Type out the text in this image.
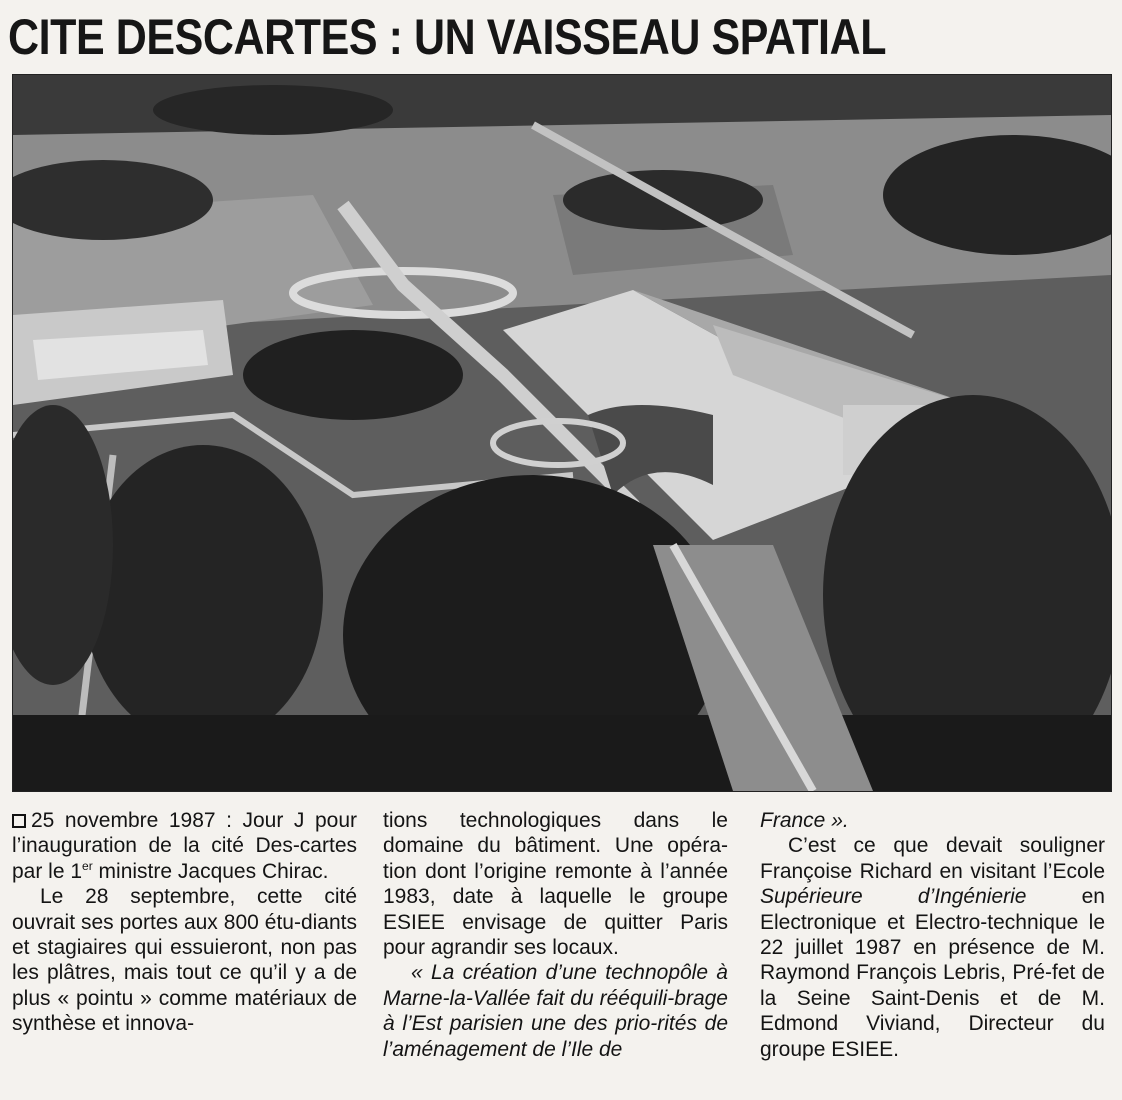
CITE DESCARTES : UN VAISSEAU SPATIAL

25 novembre 1987 : Jour J pour l’inauguration de la cité Des-cartes par le 1er ministre Jacques Chirac.

Le 28 septembre, cette cité ouvrait ses portes aux 800 étu-diants et stagiaires qui essuieront, non pas les plâtres, mais tout ce qu’il y a de plus « pointu » comme matériaux de synthèse et innova-

tions technologiques dans le domaine du bâtiment. Une opéra-tion dont l’origine remonte à l’année 1983, date à laquelle le groupe ESIEE envisage de quitter Paris pour agrandir ses locaux.

« La création d’une technopôle à Marne-la-Vallée fait du rééquili-brage à l’Est parisien une des prio-rités de l’aménagement de l’Ile de

France ».

C’est ce que devait souligner Françoise Richard en visitant l’Ecole Supérieure d’Ingénierie en Electronique et Electro-technique le 22 juillet 1987 en présence de M. Raymond François Lebris, Pré-fet de la Seine Saint-Denis et de M. Edmond Viviand, Directeur du groupe ESIEE.
